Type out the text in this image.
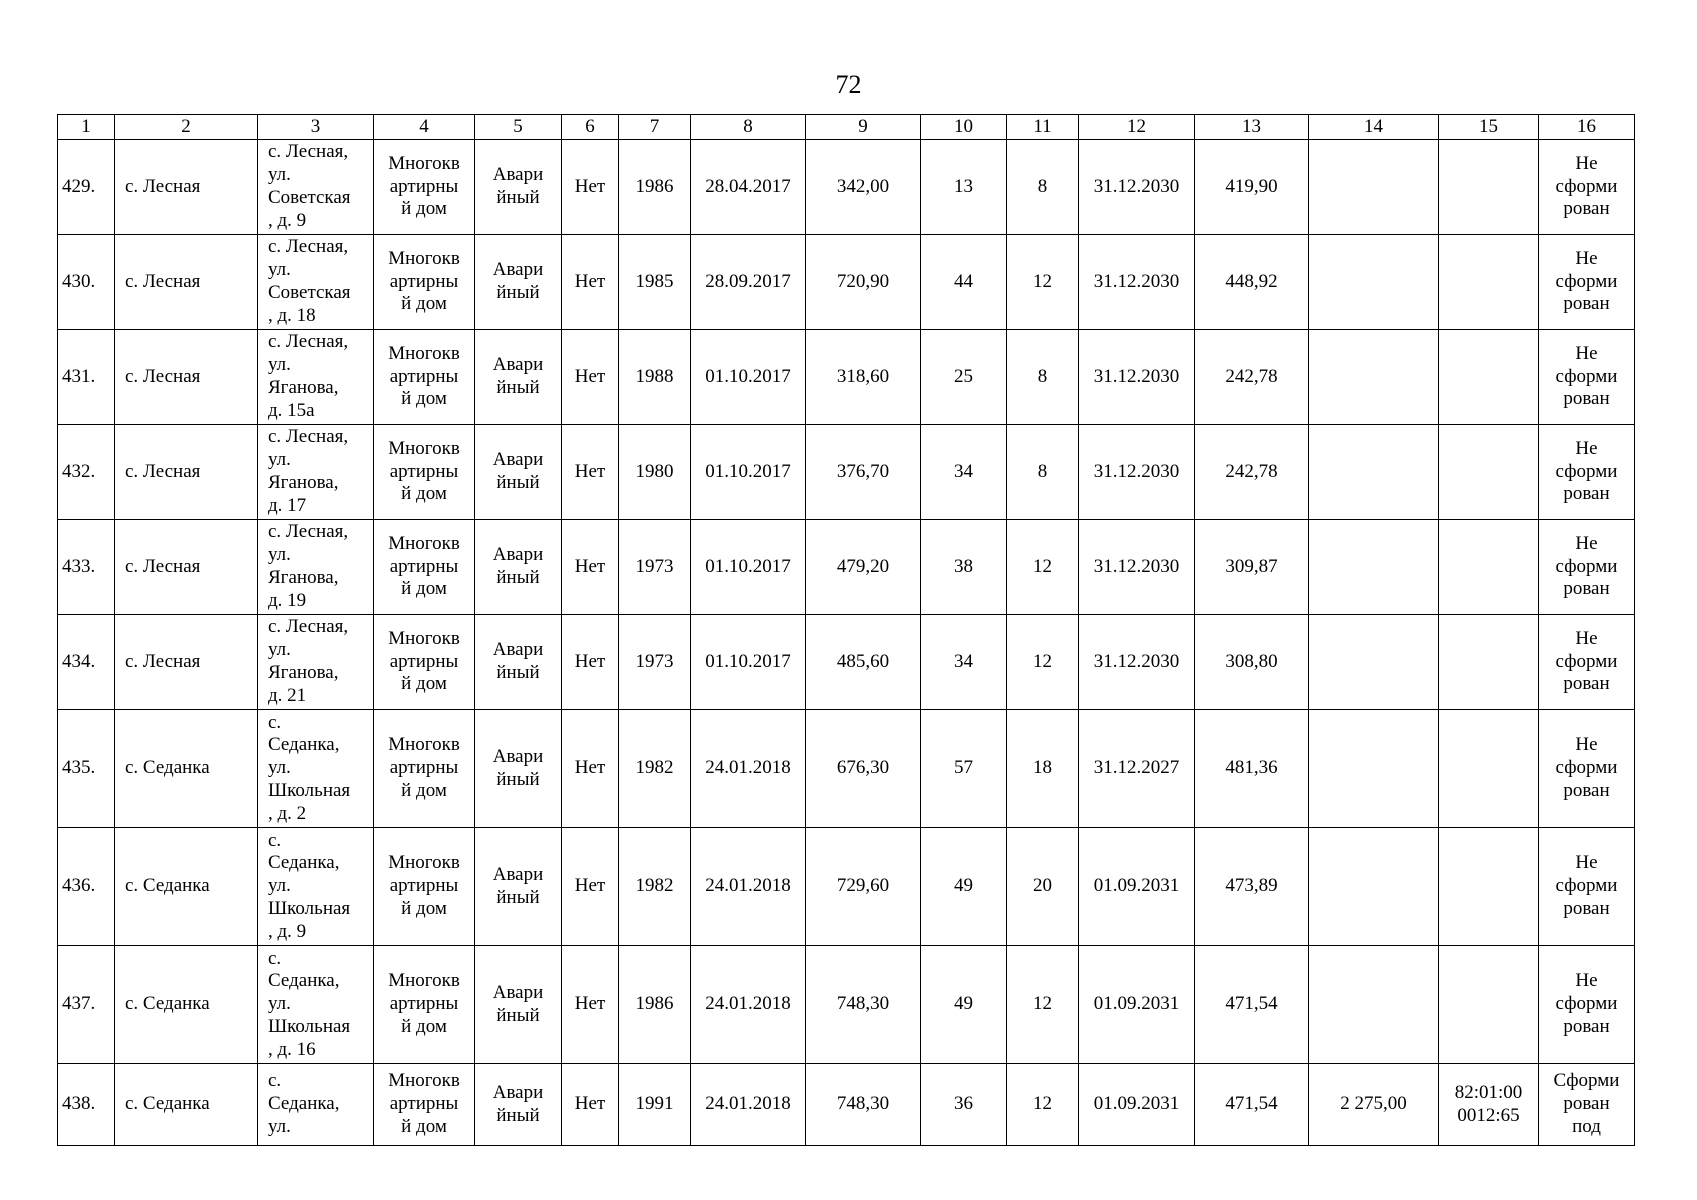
72
1	2	3	4	5	6	7	8	9	10	11	12	13	14	15	16
429.	с. Лесная	с. Лесная,
ул.
Советская
, д. 9	Многокв
артирны
й дом	Авари
йный	Нет	1986	28.04.2017	342,00	13	8	31.12.2030	419,90			Не
сформи
рован
430.	с. Лесная	с. Лесная,
ул.
Советская
, д. 18	Многокв
артирны
й дом	Авари
йный	Нет	1985	28.09.2017	720,90	44	12	31.12.2030	448,92			Не
сформи
рован
431.	с. Лесная	с. Лесная,
ул.
Яганова,
д. 15а	Многокв
артирны
й дом	Авари
йный	Нет	1988	01.10.2017	318,60	25	8	31.12.2030	242,78			Не
сформи
рован
432.	с. Лесная	с. Лесная,
ул.
Яганова,
д. 17	Многокв
артирны
й дом	Авари
йный	Нет	1980	01.10.2017	376,70	34	8	31.12.2030	242,78			Не
сформи
рован
433.	с. Лесная	с. Лесная,
ул.
Яганова,
д. 19	Многокв
артирны
й дом	Авари
йный	Нет	1973	01.10.2017	479,20	38	12	31.12.2030	309,87			Не
сформи
рован
434.	с. Лесная	с. Лесная,
ул.
Яганова,
д. 21	Многокв
артирны
й дом	Авари
йный	Нет	1973	01.10.2017	485,60	34	12	31.12.2030	308,80			Не
сформи
рован
435.	с. Седанка	с.
Седанка,
ул.
Школьная
, д. 2	Многокв
артирны
й дом	Авари
йный	Нет	1982	24.01.2018	676,30	57	18	31.12.2027	481,36			Не
сформи
рован
436.	с. Седанка	с.
Седанка,
ул.
Школьная
, д. 9	Многокв
артирны
й дом	Авари
йный	Нет	1982	24.01.2018	729,60	49	20	01.09.2031	473,89			Не
сформи
рован
437.	с. Седанка	с.
Седанка,
ул.
Школьная
, д. 16	Многокв
артирны
й дом	Авари
йный	Нет	1986	24.01.2018	748,30	49	12	01.09.2031	471,54			Не
сформи
рован
438.	с. Седанка	с.
Седанка,
ул.	Многокв
артирны
й дом	Авари
йный	Нет	1991	24.01.2018	748,30	36	12	01.09.2031	471,54	2 275,00	82:01:00
0012:65	Сформи
рован
под
